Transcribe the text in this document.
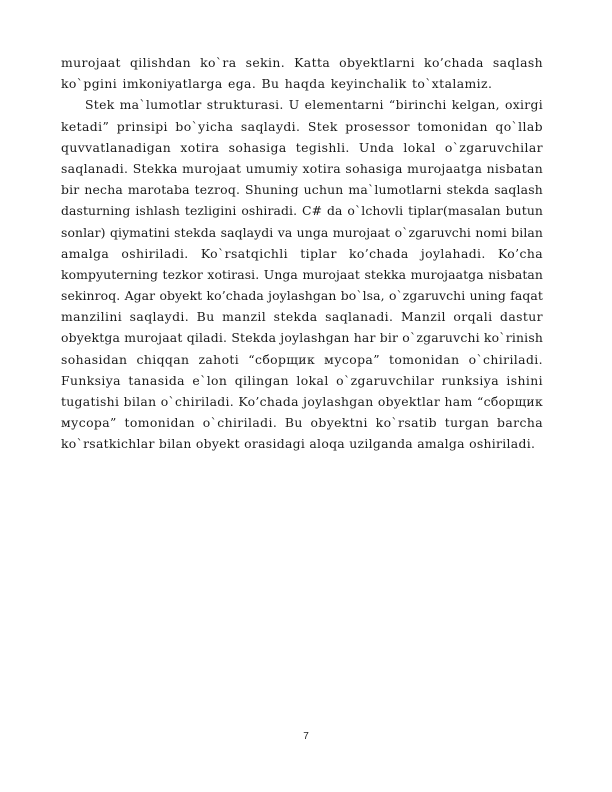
murojaat qilishdan ko`ra sekin. Katta obyektlarni ko’chada saqlash
ko`pgini imkoniyatlarga ega. Bu haqda keyinchalik to`xtalamiz.
Stek ma`lumotlar strukturasi. U elementarni “birinchi kelgan, oxirgi
ketadi” prinsipi bo`yicha saqlaydi. Stek prosessor tomonidan qo`llab
quvvatlanadigan xotira sohasiga tegishli. Unda lokal o`zgaruvchilar
saqlanadi. Stekka murojaat umumiy xotira sohasiga murojaatga nisbatan
bir necha marotaba tezroq. Shuning uchun ma`lumotlarni stekda saqlash
dasturning ishlash tezligini oshiradi. C# da o`lchovli tiplar(masalan butun
sonlar) qiymatini stekda saqlaydi va unga murojaat o`zgaruvchi nomi bilan
amalga oshiriladi. Ko`rsatqichli tiplar ko’chada joylahadi. Ko’cha
kompyuterning tezkor xotirasi. Unga murojaat stekka murojaatga nisbatan
sekinroq. Agar obyekt ko’chada joylashgan bo`lsa, o`zgaruvchi uning faqat
manzilini saqlaydi. Bu manzil stekda saqlanadi. Manzil orqali dastur
obyektga murojaat qiladi. Stekda joylashgan har bir o`zgaruvchi ko`rinish
sohasidan chiqqan zahoti “сборщик мусора” tomonidan o`chiriladi.
Funksiya tanasida e`lon qilingan lokal o`zgaruvchilar runksiya ishini
tugatishi bilan o`chiriladi. Ko’chada joylashgan obyektlar ham “сборщик
мусора” tomonidan o`chiriladi. Bu obyektni ko`rsatib turgan barcha
ko`rsatkichlar bilan obyekt orasidagi aloqa uzilganda amalga oshiriladi.
7
